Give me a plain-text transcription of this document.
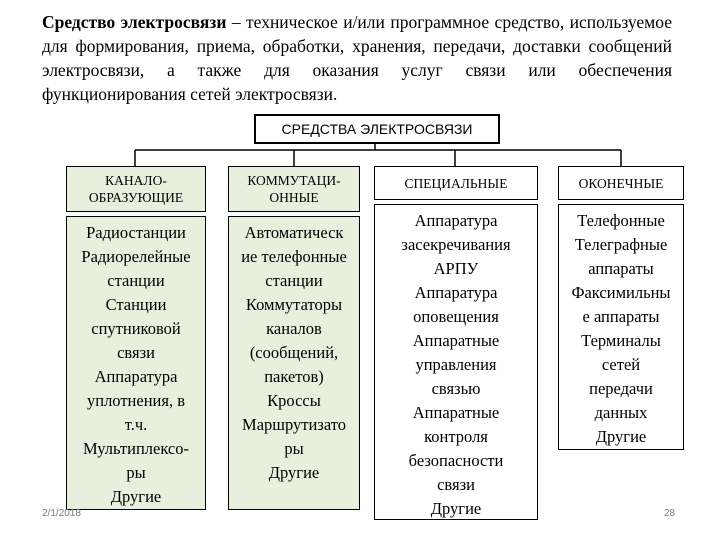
Средство электросвязи – техническое и/или программное средство, используемое для формирования, приема, обработки, хранения, передачи, доставки сообщений электросвязи, а также для оказания услуг связи или обеспечения функционирования сетей электросвязи.
СРЕДСТВА ЭЛЕКТРОСВЯЗИ
КАНАЛО-
ОБРАЗУЮЩИЕ
Радиостанции
Радиорелейные
станции
Станции
спутниковой
связи
Аппаратура
уплотнения, в
т.ч.
Мультиплексо-
ры
Другие
КОММУТАЦИ-
ОННЫЕ
Автоматическ
ие телефонные
станции
Коммутаторы
каналов
(сообщений,
пакетов)
Кроссы
Маршрутизато
ры
Другие
СПЕЦИАЛЬНЫЕ
Аппаратура
засекречивания
АРПУ
Аппаратура
оповещения
Аппаратные
управления
связью
Аппаратные
контроля
безопасности
связи
Другие
ОКОНЕЧНЫЕ
Телефонные
Телеграфные
аппараты
Факсимильны
е аппараты
Терминалы
сетей
передачи
данных
Другие
2/1/2018	28
